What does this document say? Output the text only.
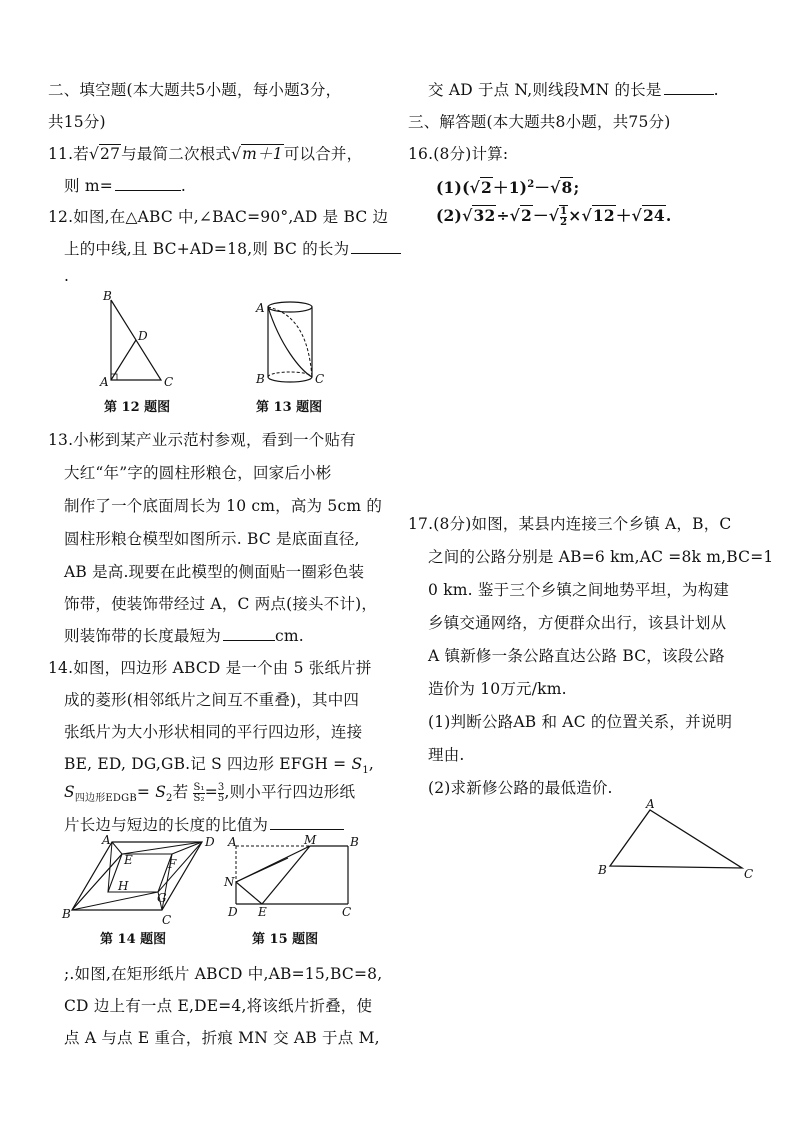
二、填空题(本大题共5小题，每小题3分，
共15分)
11.若√27与最简二次根式√m＋1可以合并，
则 m=	.
12.如图,在△ABC 中,∠BAC=90°,AD 是 BC 边
上的中线,且 BC+AD=18,则 BC 的长为
.
B
D
A	C
第 12 题图
A
B	C
第 13 题图
13.小彬到某产业示范村参观，看到一个贴有
大红“年”字的圆柱形粮仓，回家后小彬
制作了一个底面周长为 10 cm，高为 5cm 的
圆柱形粮仓模型如图所示. BC 是底面直径,
AB 是高.现要在此模型的侧面贴一圈彩色装
饰带，使装饰带经过 A，C 两点(接头不计)，
则装饰带的长度最短为	cm.
14.如图，四边形 ABCD 是一个由 5 张纸片拼
成的菱形(相邻纸片之间互不重叠)，其中四
张纸片为大小形状相同的平行四边形，连接
BE, ED, DG,GB.记 S 四边形 EFGH = $S_1$,
$S_{四边形EDGB}= S_2$若 $\frac{\text{S₁}}{\text{S₂}} = \frac{3}{5}$ ,则小平行四边形纸
片长边与短边的长度的比值为
A	D
B	C
E	F
G
H
第 14 题图
A	M	B
N
D E	C
第 15 题图
;.如图,在矩形纸片 ABCD 中,AB=15,BC=8,
CD 边上有一点 E,DE=4,将该纸片折叠，使
点 A 与点 E 重合，折痕 MN 交 AB 于点 M,
交 AD 于点 N,则线段MN 的长是	.
三、解答题(本大题共8小题，共75分)
16.(8分)计算:
$(1)(√2+1)^2-√8$;
$(2)√32\div√2-√ \frac{1}{2} \times√12+√24$.
17.(8分)如图，某县内连接三个乡镇 A，B，C
之间的公路分别是 AB=6 km,AC =8k m,BC=1
0 km. 鉴于三个乡镇之间地势平坦，为构建
乡镇交通网络，方便群众出行，该县计划从
A 镇新修一条公路直达公路 BC，该段公路
造价为 10万元/km.
(1)判断公路AB 和 AC 的位置关系，并说明
理由.
(2)求新修公路的最低造价.
A
B	C
